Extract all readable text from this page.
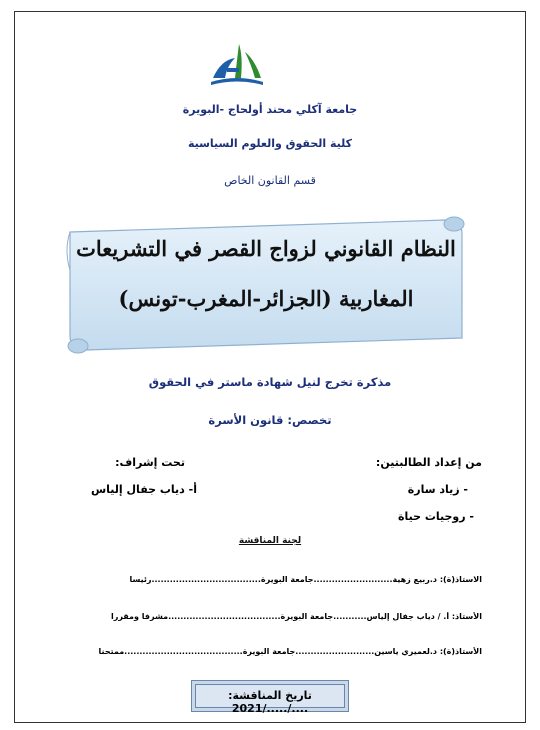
جامعة آكلي محند أولحاج -البويرة
كلية الحقوق والعلوم السياسية
قسم القانون الخاص
النظام القانوني لزواج القصر في التشريعات
المغاربية (الجزائر-المغرب-تونس)
مذكرة تخرج لنيل شهادة ماستر في الحقوق
تخصص: قانون الأسرة
من إعداد الطالبتين:
- زياد سارة
- روجيات حياة
تحت إشراف:
أ- دياب جفال إلياس
لجنة المناقشة
الاستاذ(ة): د.ربيع زهية..........................جامعة البويرة....................................رئيسا
الأستاذ: أ. / دياب جفال إلياس...........جامعة البويرة.....................................مشرفا ومقررا
الأستاذ(ة): د.لعميري ياسين..........................جامعة البويرة.......................................ممتحنا
تاريخ المناقشة: ..../...../2021
